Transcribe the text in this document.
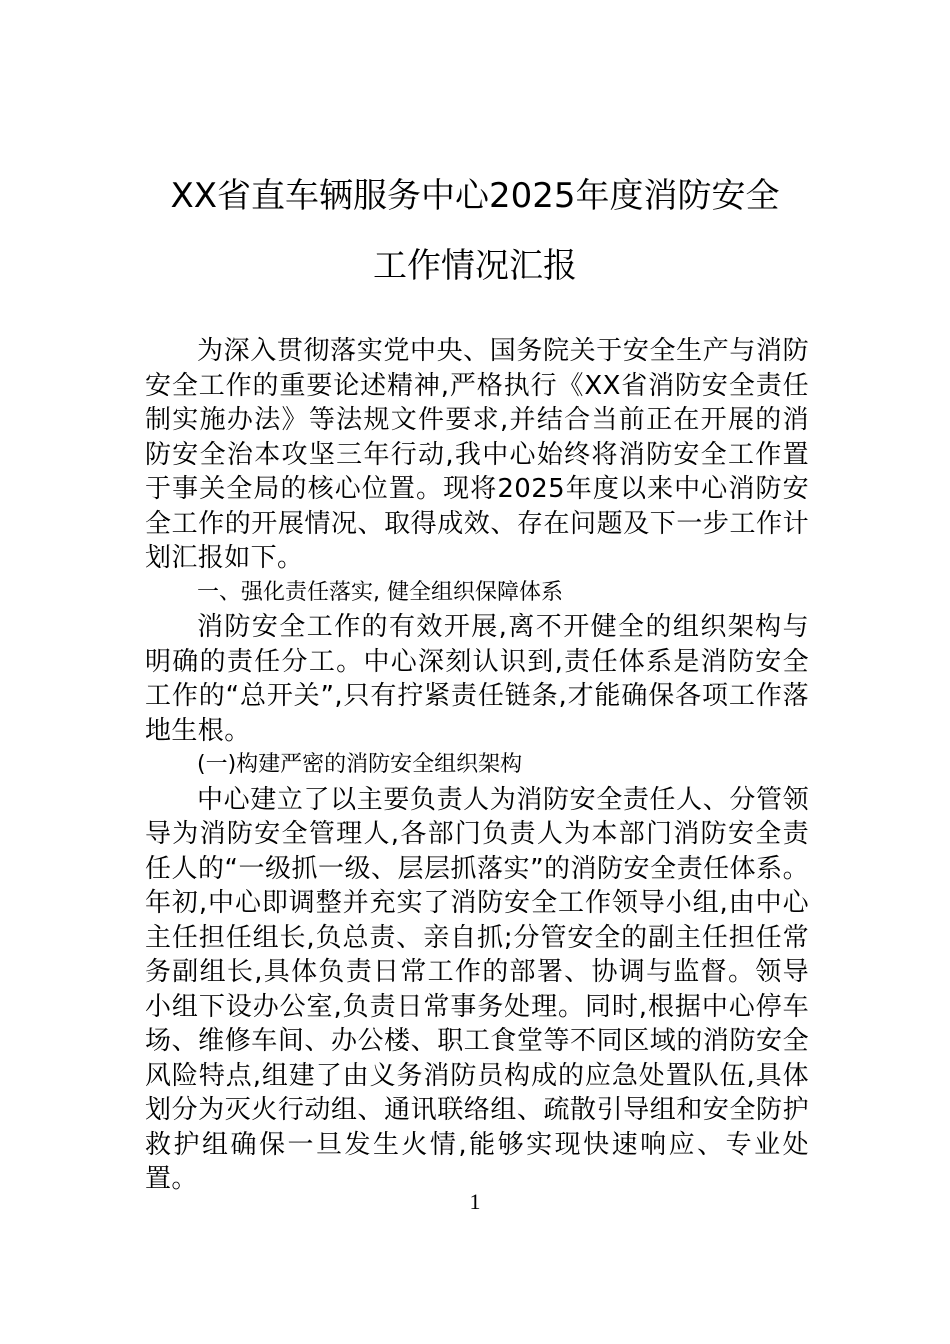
XX省直车辆服务中心2025年度消防安全
工作情况汇报

为深入贯彻落实党中央、国务院关于安全生产与消防安全工作的重要论述精神,严格执行《XX省消防安全责任制实施办法》等法规文件要求,并结合当前正在开展的消防安全治本攻坚三年行动,我中心始终将消防安全工作置于事关全局的核心位置。现将2025年度以来中心消防安全工作的开展情况、取得成效、存在问题及下一步工作计划汇报如下。

一、强化责任落实, 健全组织保障体系

消防安全工作的有效开展,离不开健全的组织架构与明确的责任分工。中心深刻认识到,责任体系是消防安全工作的“总开关”,只有拧紧责任链条,才能确保各项工作落地生根。

(一)构建严密的消防安全组织架构

中心建立了以主要负责人为消防安全责任人、分管领导为消防安全管理人,各部门负责人为本部门消防安全责任人的“一级抓一级、层层抓落实”的消防安全责任体系。年初,中心即调整并充实了消防安全工作领导小组,由中心主任担任组长,负总责、亲自抓;分管安全的副主任担任常务副组长,具体负责日常工作的部署、协调与监督。领导小组下设办公室,负责日常事务处理。同时,根据中心停车场、维修车间、办公楼、职工食堂等不同区域的消防安全风险特点,组建了由义务消防员构成的应急处置队伍,具体划分为灭火行动组、通讯联络组、疏散引导组和安全防护救护组确保一旦发生火情,能够实现快速响应、专业处置。

1
